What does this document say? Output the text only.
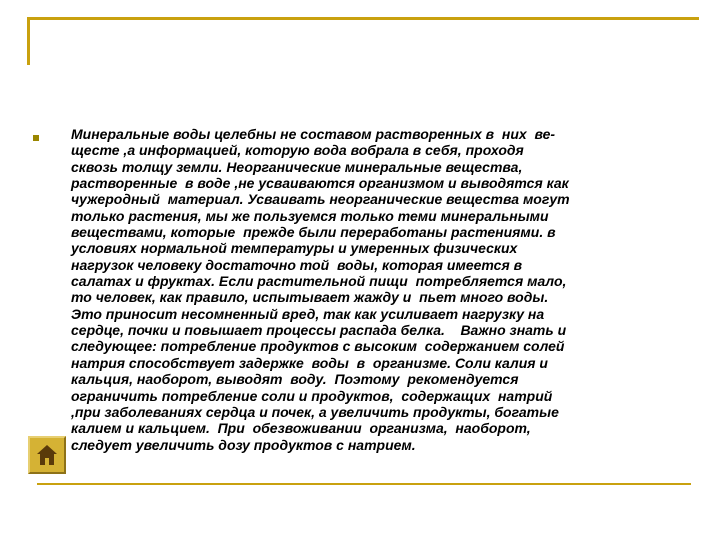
Минеральные воды целебны не составом растворенных в  них  ве-
щесте ,а информацией, которую вода вобрала в себя, проходя
сквозь толщу земли. Неорганические минеральные вещества,
растворенные  в воде ,не усваиваются организмом и выводятся как
чужеродный  материал. Усваивать неорганические вещества могут
только растения, мы же пользуемся только теми минеральными
веществами, которые  прежде были переработаны растениями. в
условиях нормальной температуры и умеренных физических
нагрузок человеку достаточно той  воды, которая имеется в
салатах и фруктах. Если растительной пищи  потребляется мало,
то человек, как правило, испытывает жажду и  пьет много воды.
Это приносит несомненный вред, так как усиливает нагрузку на
сердце, почки и повышает процессы распада белка.    Важно знать и
следующее: потребление продуктов с высоким  содержанием солей
натрия способствует задержке  воды  в  организме. Соли калия и
кальция, наоборот, выводят  воду.  Поэтому  рекомендуется
ограничить потребление соли и продуктов,  содержащих  натрий
,при заболеваниях сердца и почек, а увеличить продукты, богатые
калием и кальцием.  При  обезвоживании  организма,  наоборот,
следует увеличить дозу продуктов с натрием.
